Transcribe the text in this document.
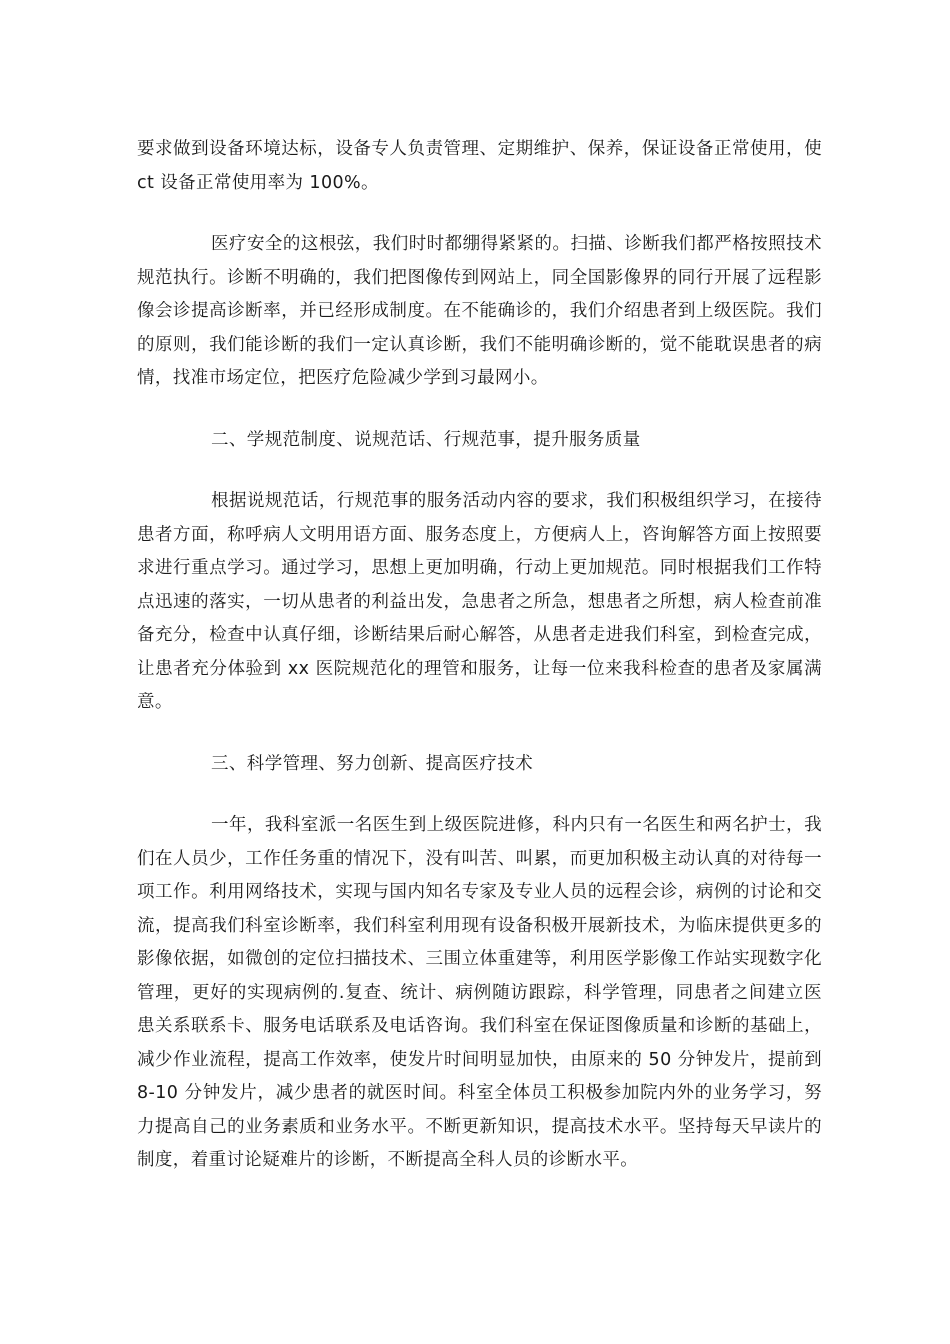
要求做到设备环境达标，设备专人负责管理、定期维护、保养，保证设备正常使用，使 ct 设备正常使用率为 100%。

医疗安全的这根弦，我们时时都绷得紧紧的。扫描、诊断我们都严格按照技术规范执行。诊断不明确的，我们把图像传到网站上，同全国影像界的同行开展了远程影像会诊提高诊断率，并已经形成制度。在不能确诊的，我们介绍患者到上级医院。我们的原则，我们能诊断的我们一定认真诊断，我们不能明确诊断的，觉不能耽误患者的病情，找准市场定位，把医疗危险减少学到习最网小。

二、学规范制度、说规范话、行规范事，提升服务质量

根据说规范话，行规范事的服务活动内容的要求，我们积极组织学习，在接待患者方面，称呼病人文明用语方面、服务态度上，方便病人上，咨询解答方面上按照要求进行重点学习。通过学习，思想上更加明确，行动上更加规范。同时根据我们工作特点迅速的落实，一切从患者的利益出发，急患者之所急，想患者之所想，病人检查前准备充分，检查中认真仔细，诊断结果后耐心解答，从患者走进我们科室，到检查完成，让患者充分体验到 xx 医院规范化的理管和服务，让每一位来我科检查的患者及家属满意。

三、科学管理、努力创新、提高医疗技术

一年，我科室派一名医生到上级医院进修，科内只有一名医生和两名护士，我们在人员少，工作任务重的情况下，没有叫苦、叫累，而更加积极主动认真的对待每一项工作。利用网络技术，实现与国内知名专家及专业人员的远程会诊，病例的讨论和交流，提高我们科室诊断率，我们科室利用现有设备积极开展新技术，为临床提供更多的影像依据，如微创的定位扫描技术、三围立体重建等，利用医学影像工作站实现数字化管理，更好的实现病例的.复查、统计、病例随访跟踪，科学管理，同患者之间建立医患关系联系卡、服务电话联系及电话咨询。我们科室在保证图像质量和诊断的基础上，减少作业流程，提高工作效率，使发片时间明显加快，由原来的 50 分钟发片，提前到 8-10 分钟发片，减少患者的就医时间。科室全体员工积极参加院内外的业务学习，努力提高自己的业务素质和业务水平。不断更新知识，提高技术水平。坚持每天早读片的制度，着重讨论疑难片的诊断，不断提高全科人员的诊断水平。
